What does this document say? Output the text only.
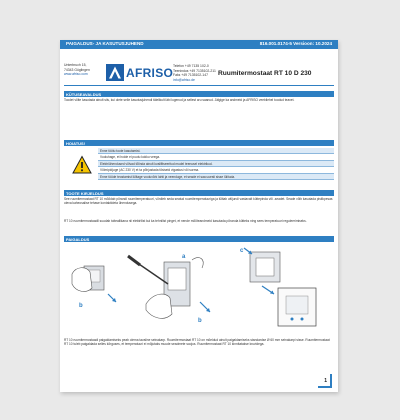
PAIGALDUS- JA KASUTUSJUHEND	816.001.0174-5 Versioon: 10.2024
Unterbruch 15,
74343 Güglingen
www.afriso.com	AFRISO Telefon +49 7135 102-0
Teenindus +49 7135102-211
Faks +49 7135102-147
info@afriso.de
Ruumitermostaat RT 10 D 230
KÜTUSEAVALDUS
Toodet võite kasutada ainult siis, kui olete selle kasutusjuhendi täielikult läbi lugenud ja sellest aru saanud. Jälgige ka andmeid ja AFRISO veebilehel toodud teavet.
HOIATUS!
Enne töötu toote kasutamist.
Vooluhage, et hoide ei puutu kokku veega.
Elektriühendused võivad tõlinda ainult kvalifitseeritud mudel teenusel elektrikud.
Võimipidjuge (AC 230 V) et ta põhjustada tõsiseid vigastusi või surma.
Enne tööde teostamist lülitage vooluvõrk lahti ja veenduge, et seade ei saa uuesti sisse lülituda.
TOOTE KIRJELDUS
See ruumitermostaat RT 10 mõõdab põrandi ruumitemperatuuri, võrdleb seda seatud ruumitemperatuuriga ja lülitab väljundi vastavalt küttepinda või -seadet. Seade võib kasutada pistikpesas oleva kaheosalise tehase kontaktideta ühendusega.
RT 10 ruumitermostaadil suudab toiteallikana nii elektrilist kui ka tehnilist pinget, et nende mõõteandmeid kasutada põranda kütteks ning sees temperatuuri reguleerimiseks.
PAIGALDUS
b
a
b
c
RT 10 ruumitermostaadi paigaldamiseks peab olema tavaline seinakarp. Ruumitermostaat RT 10 on mõeldud ainult paigaldamiseks standardse Ø 60 mm seinakarpi sisse. Ruumitermostaat RT 10 tuleb paigaldada selles kõrguses, et temperatuuri ei mõjutaks muude seadmete soojus. Ruumitermostaat RT 10 kinnitatakse kruvidega.
1
